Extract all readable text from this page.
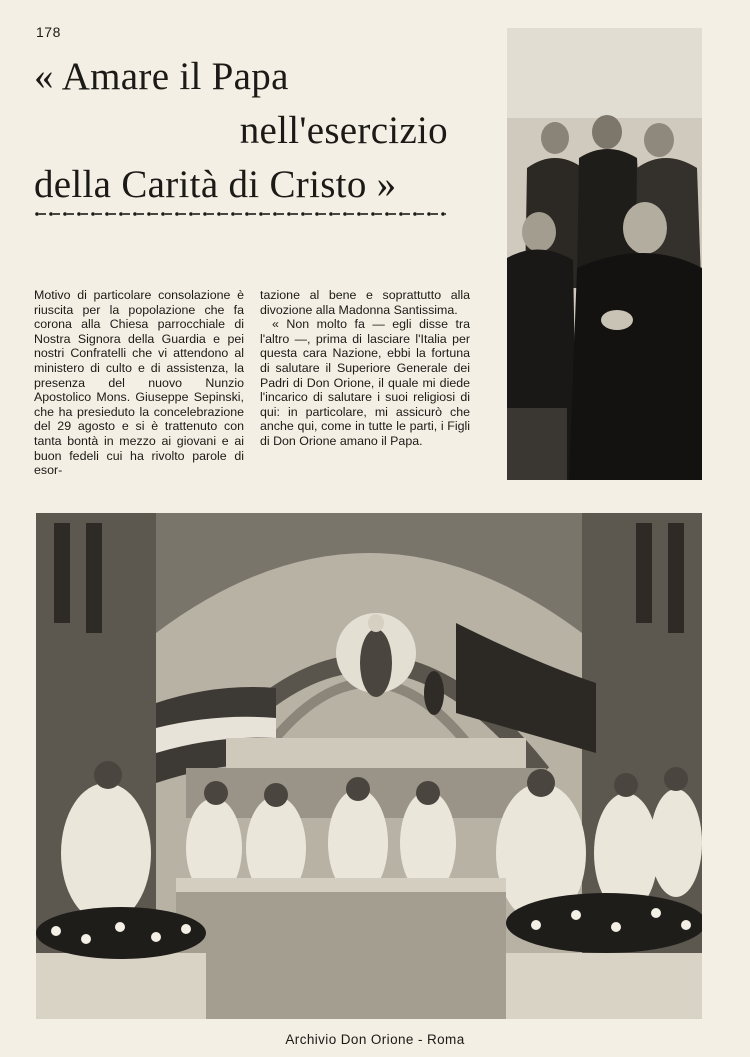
178
« Amare il Papa
nell'esercizio
della Carità di Cristo »

Motivo di particolare consolazione è riuscita per la popolazione che fa corona alla Chiesa parrocchiale di Nostra Signora della Guardia e pei nostri Confratelli che vi attendono al ministero di culto e di assistenza, la presenza del nuovo Nunzio Apostolico Mons. Giuseppe Sepinski, che ha presieduto la concelebrazione del 29 agosto e si è trattenuto con tanta bontà in mezzo ai giovani e ai buon fedeli cui ha rivolto parole di esor-

tazione al bene e soprattutto alla divozione alla Madonna Santissima.

« Non molto fa — egli disse tra l'altro —, prima di lasciare l'Italia per questa cara Nazione, ebbi la fortuna di salutare il Superiore Generale dei Padri di Don Orione, il quale mi diede l'incarico di salutare i suoi religiosi di qui: in particolare, mi assicurò che anche qui, come in tutte le parti, i Figli di Don Orione amano il Papa.

Archivio Don Orione - Roma
